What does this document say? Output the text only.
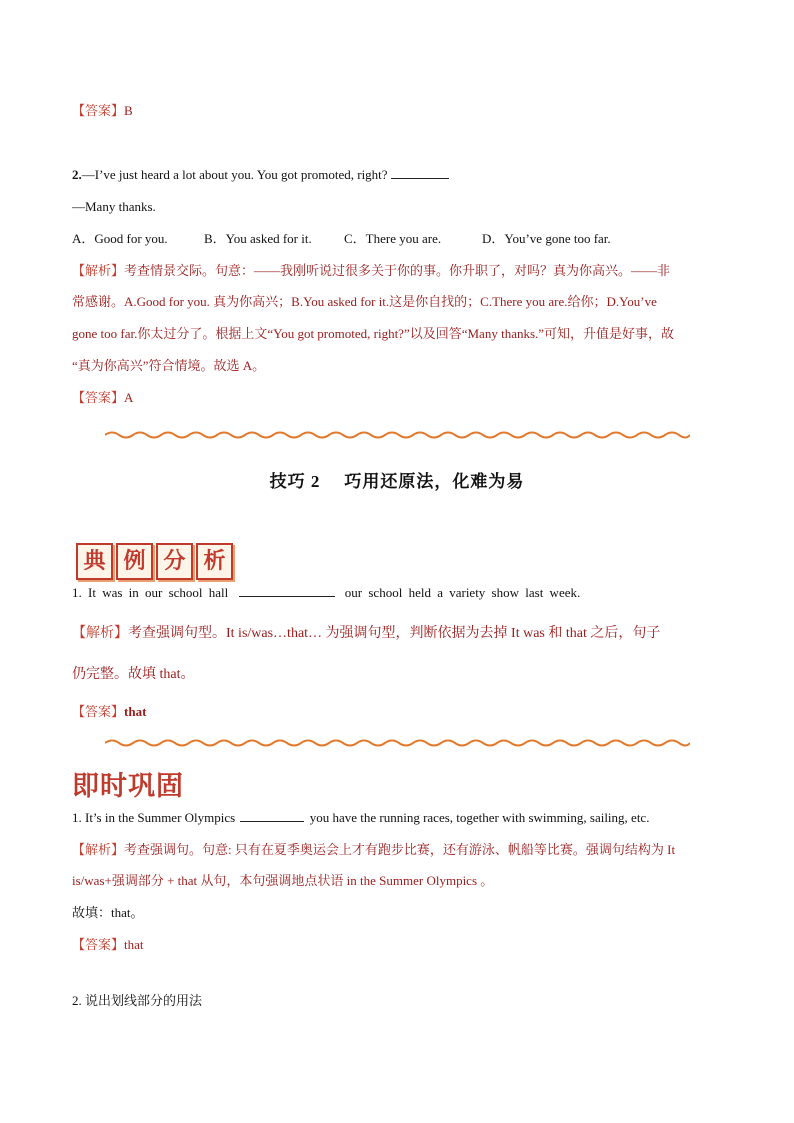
【答案】B
2.—I’ve just heard a lot about you. You got promoted, right?
—Many thanks.
A．Good for you.	B．You asked for it. C．There you are.	D．You’ve gone too far.
【解析】考查情景交际。句意：——我刚听说过很多关于你的事。你升职了，对吗？真为你高兴。——非
常感谢。A.Good for you. 真为你高兴；B.You asked for it.这是你自找的；C.There you are.给你；D.You’ve
gone too far.你太过分了。根据上文“You got promoted, right?”以及回答“Many thanks.”可知，升值是好事，故
“真为你高兴”符合情境。故选 A。
【答案】A
技巧 2 巧用还原法，化难为易
典 例 分 析
1. It was in our school hall	our school held a variety show last week.
【解析】考查强调句型。It is/was…that… 为强调句型，判断依据为去掉 It was 和 that 之后，句子
仍完整。故填 that。
【答案】that
即时巩固
1. It’s in the Summer Olympics	you have the running races, together with swimming, sailing, etc.
【解析】考查强调句。句意: 只有在夏季奥运会上才有跑步比赛，还有游泳、帆船等比赛。强调句结构为 It
is/was+强调部分 + that 从句，本句强调地点状语 in the Summer Olympics 。
故填：that。
【答案】that
2. 说出划线部分的用法
